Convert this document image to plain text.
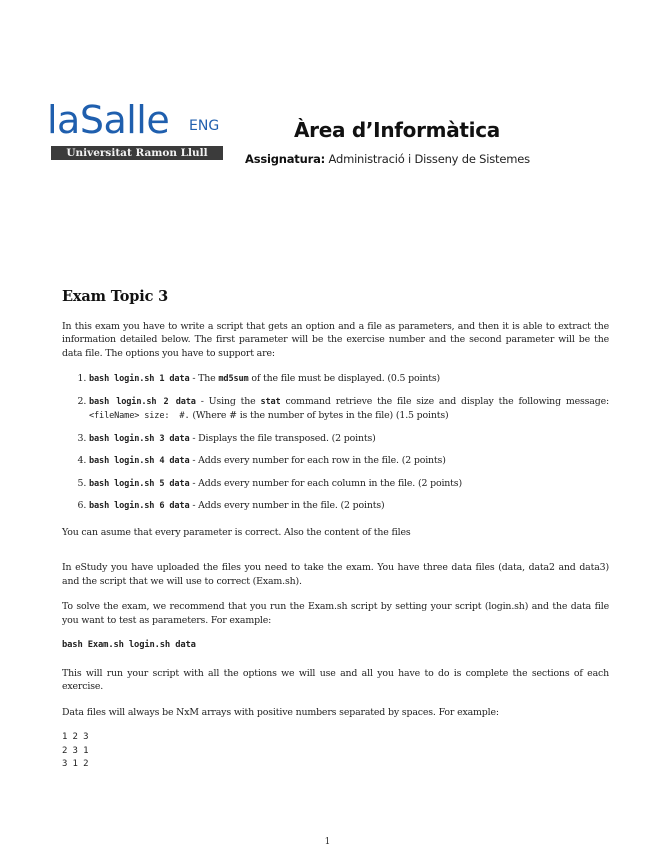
laSalle ENG
Universitat Ramon Llull
Àrea d’Informàtica
Assignatura: Administració i Disseny de Sistemes
Exam Topic 3

In this exam you have to write a script that gets an option and a file as parameters, and then it is able to extract the information detailed below. The first parameter will be the exercise number and the second parameter will be the data file. The options you have to support are:

1. bash login.sh 1 data - The md5sum of the file must be displayed. (0.5 points)
2. bash login.sh 2 data - Using the stat command retrieve the file size and display the following message: <fileName> size:  #. (Where # is the number of bytes in the file) (1.5 points)
3. bash login.sh 3 data - Displays the file transposed. (2 points)
4. bash login.sh 4 data - Adds every number for each row in the file. (2 points)
5. bash login.sh 5 data - Adds every number for each column in the file. (2 points)
6. bash login.sh 6 data - Adds every number in the file. (2 points)

You can asume that every parameter is correct. Also the content of the files

In eStudy you have uploaded the files you need to take the exam. You have three data files (data, data2 and data3) and the script that we will use to correct (Exam.sh).

To solve the exam, we recommend that you run the Exam.sh script by setting your script (login.sh) and the data file you want to test as parameters. For example:

bash Exam.sh login.sh data

This will run your script with all the options we will use and all you have to do is complete the sections of each exercise.

Data files will always be NxM arrays with positive numbers separated by spaces. For example:

1 2 3
2 3 1
3 1 2
1
